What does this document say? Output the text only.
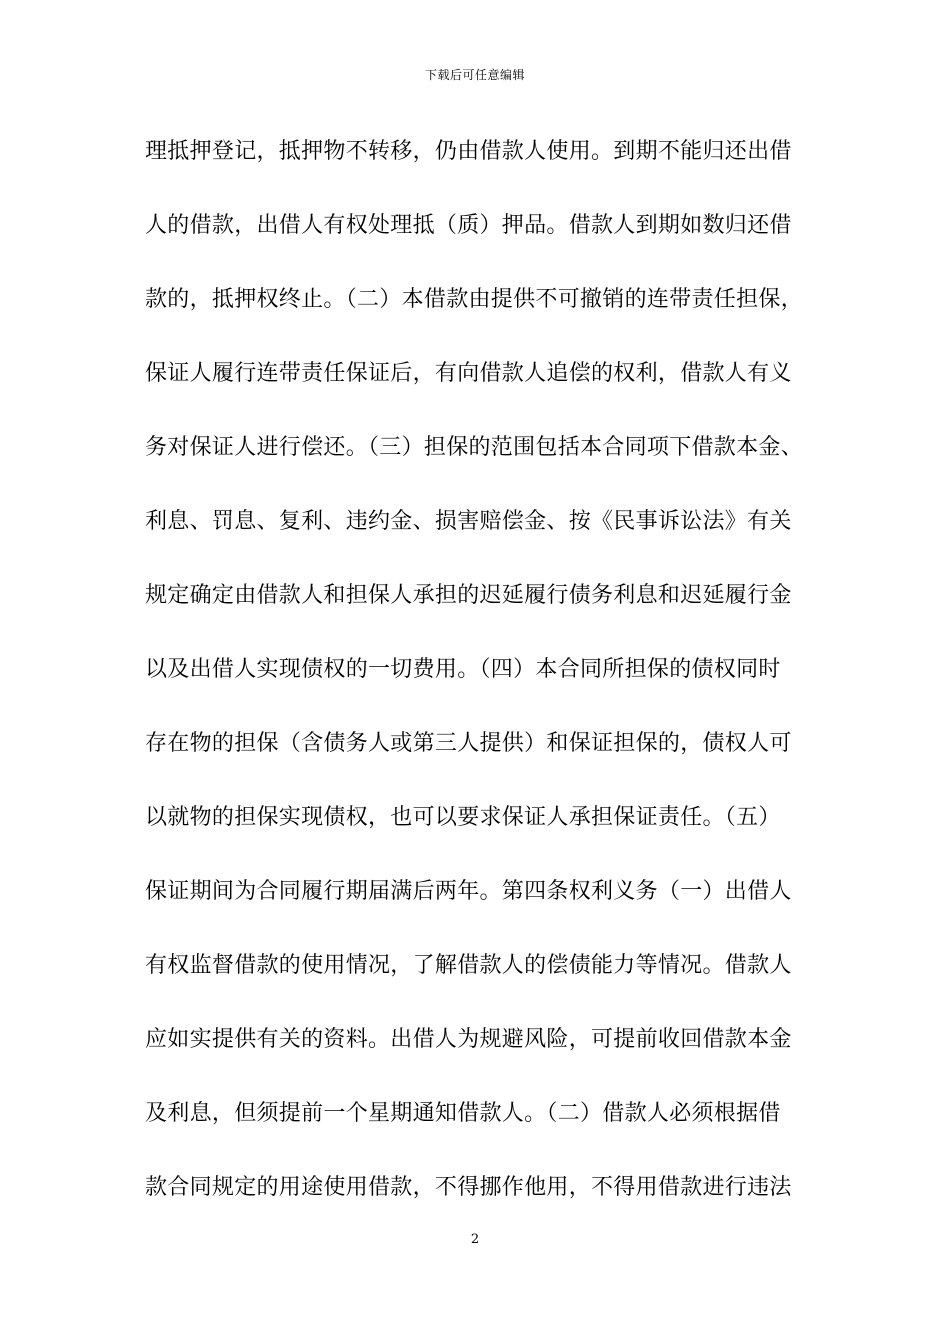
下载后可任意编辑
理抵押登记，抵押物不转移，仍由借款人使用。到期不能归还出借
人的借款，出借人有权处理抵（质）押品。借款人到期如数归还借
款的，抵押权终止。（二）本借款由提供不可撤销的连带责任担保，
保证人履行连带责任保证后，有向借款人追偿的权利，借款人有义
务对保证人进行偿还。（三）担保的范围包括本合同项下借款本金、
利息、罚息、复利、违约金、损害赔偿金、按《民事诉讼法》有关
规定确定由借款人和担保人承担的迟延履行债务利息和迟延履行金
以及出借人实现债权的一切费用。（四）本合同所担保的债权同时
存在物的担保（含债务人或第三人提供）和保证担保的，债权人可
以就物的担保实现债权，也可以要求保证人承担保证责任。（五）
保证期间为合同履行期届满后两年。第四条权利义务（一）出借人
有权监督借款的使用情况，了解借款人的偿债能力等情况。借款人
应如实提供有关的资料。出借人为规避风险，可提前收回借款本金
及利息，但须提前一个星期通知借款人。（二）借款人必须根据借
款合同规定的用途使用借款，不得挪作他用，不得用借款进行违法
2
